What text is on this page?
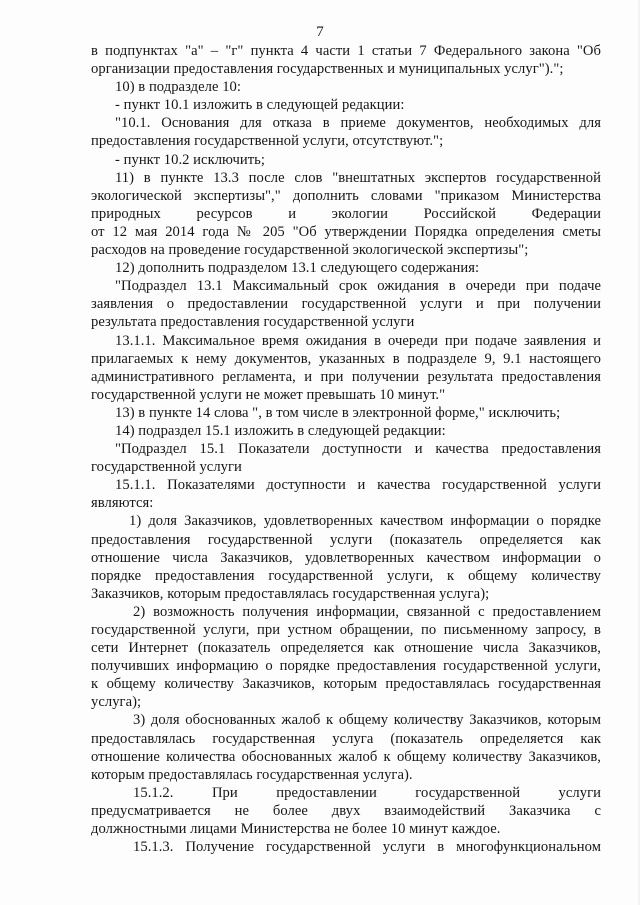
7
в подпунктах "а" – "г" пункта 4 части 1 статьи 7 Федерального закона "Об
организации предоставления государственных и муниципальных услуг").";
10) в подразделе 10:
- пункт 10.1 изложить в следующей редакции:
"10.1. Основания для отказа в приеме документов, необходимых для
предоставления государственной услуги, отсутствуют.";
- пункт 10.2 исключить;
11) в пункте 13.3 после слов "внештатных экспертов государственной
экологической экспертизы"," дополнить словами "приказом Министерства
природных ресурсов и экологии Российской Федерации
от 12 мая 2014 года № 205 "Об утверждении Порядка определения сметы
расходов на проведение государственной экологической экспертизы";
12) дополнить подразделом 13.1 следующего содержания:
"Подраздел 13.1 Максимальный срок ожидания в очереди при подаче
заявления о предоставлении государственной услуги и при получении
результата предоставления государственной услуги
13.1.1. Максимальное время ожидания в очереди при подаче заявления и
прилагаемых к нему документов, указанных в подразделе 9, 9.1 настоящего
административного регламента, и при получении результата предоставления
государственной услуги не может превышать 10 минут."
13) в пункте 14 слова ", в том числе в электронной форме," исключить;
14) подраздел 15.1 изложить в следующей редакции:
"Подраздел 15.1 Показатели доступности и качества предоставления
государственной услуги
15.1.1. Показателями доступности и качества государственной услуги
являются:
1) доля Заказчиков, удовлетворенных качеством информации о порядке
предоставления государственной услуги (показатель определяется как
отношение числа Заказчиков, удовлетворенных качеством информации о
порядке предоставления государственной услуги, к общему количеству
Заказчиков, которым предоставлялась государственная услуга);
2) возможность получения информации, связанной с предоставлением
государственной услуги, при устном обращении, по письменному запросу, в
сети Интернет (показатель определяется как отношение числа Заказчиков,
получивших информацию о порядке предоставления государственной услуги,
к общему количеству Заказчиков, которым предоставлялась государственная
услуга);
3) доля обоснованных жалоб к общему количеству Заказчиков, которым
предоставлялась государственная услуга (показатель определяется как
отношение количества обоснованных жалоб к общему количеству Заказчиков,
которым предоставлялась государственная услуга).
15.1.2. При предоставлении государственной услуги
предусматривается не более двух взаимодействий Заказчика с
должностными лицами Министерства не более 10 минут каждое.
15.1.3. Получение государственной услуги в многофункциональном
